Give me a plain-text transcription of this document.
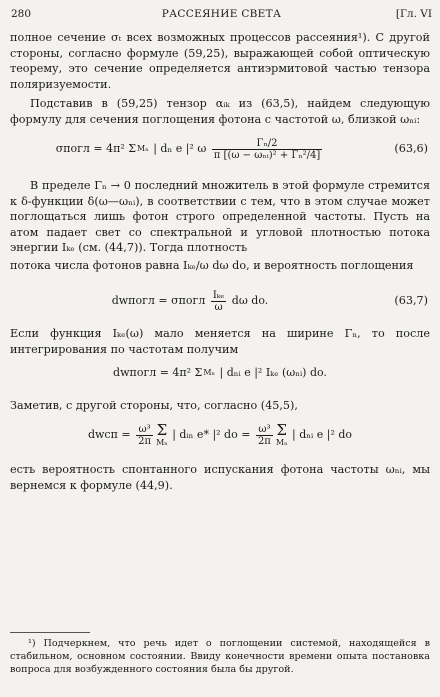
280	РАССЕЯНИЕ СВЕТА	[Гл. VI

полное сечение σₜ всех возможных процессов рассеяния¹). С другой стороны, согласно формуле (59,25), выражающей собой оптическую теорему, это сечение определяется антиэрмитовой частью тензора поляризуемости.

Подставив в (59,25) тензор αᵢₖ из (63,5), найдем следующую формулу для сечения поглощения фотона с частотой ω, близкой ωₙᵢ:

σпогл = 4π² Σ Mₙ | dₙ e |² ω $\frac{\text{Γₙ/2}}{\text{π [(ω − ωₙᵢ)² + Γₙ²/4]}}$	(63,6)

В пределе Γₙ → 0 последний множитель в этой формуле стремится к δ-функции δ(ω—ωₙᵢ), в соответствии с тем, что в этом случае может поглощаться лишь фотон строго определенной частоты. Пусть на атом падает свет со спектральной и угловой плотностью потока энергии Iₖₑ (см. (44,7)). Тогда плотность

потока числа фотонов равна Iₖₑ/ω dω do, и вероятность поглощения

dwпогл = σпогл $\frac{\text{Iₖₑ}}{\omega}$ dω do.	(63,7)

Если функция Iₖₑ(ω) мало меняется на ширине Γₙ, то после интегрирования по частотам получим

dwпогл = 4π² Σ Mₙ | dₙᵢ e |² Iₖₑ (ωₙᵢ) do.

Заметив, с другой стороны, что, согласно (45,5),

dwсп = $\frac{\text{ω³}}{2\pi}$ Σ
Mₙ
| dᵢₙ e* |² do = $\frac{\text{ω³}}{2\pi}$ Σ
Mₙ
| dₙᵢ e |² do

есть вероятность спонтанного испускания фотона частоты ωₙᵢ, мы вернемся к формуле (44,9).

¹) Подчеркнем, что речь идет о поглощении системой, находящейся в стабильном, основном состоянии. Ввиду конечности времени опыта постановка вопроса для возбужденного состояния была бы другой.
